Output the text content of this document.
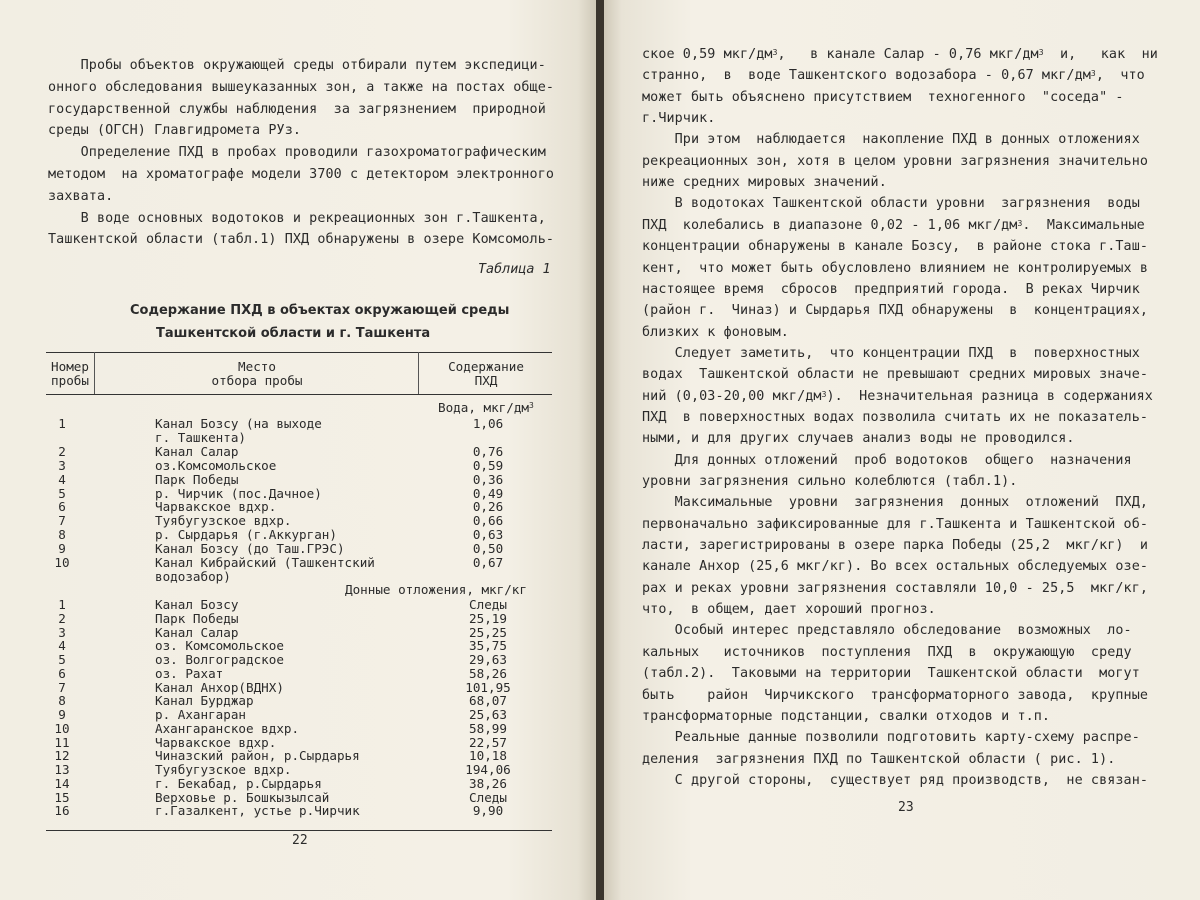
Пробы объектов окружающей среды отбирали путем экспедици-
онного обследования вышеуказанных зон, а также на постах обще-
государственной службы наблюдения  за загрязнением  природной
среды (ОГСН) Главгидромета РУз.
Определение ПХД в пробах проводили газохроматографическим
методом  на хроматографе модели 3700 с детектором электронного
захвата.
В воде основных водотоков и рекреационных зон г.Ташкента,
Ташкентской области (табл.1) ПХД обнаружены в озере Комсомоль-
Таблица 1
Содержание ПХД в объектах окружающей среды
Ташкентской области и г. Ташкента
Номер
пробы
Место
отбора пробы
Содержание
ПХД
Вода, мкг/$дм^3$
1	Канал Бозсу (на выходе	1,06
г. Ташкента)
2	Канал Салар	0,76
3	оз.Комсомольское	0,59
4	Парк Победы	0,36
5	р. Чирчик (пос.Дачное)	0,49
6	Чарвакское вдхр.	0,26
7	Туябугузское вдхр.	0,66
8	р. Сырдарья (г.Аккурган)	0,63
9	Канал Бозсу (до Таш.ГРЭС)	0,50
10	Канал Кибрайский (Ташкентский	0,67
водозабор)
Донные отложения, мкг/кг
1	Канал Бозсу	Следы
2	Парк Победы	25,19
3	Канал Салар	25,25
4	оз. Комсомольское	35,75
5	оз. Волгоградское	29,63
6	оз. Рахат	58,26
7	Канал Анхор(ВДНХ)	101,95
8	Канал Бурджар	68,07
9	р. Ахангаран	25,63
10	Ахангаранское вдхр.	58,99
11	Чарвакское вдхр.	22,57
12	Чиназский район, р.Сырдарья	10,18
13	Туябугузское вдхр.	194,06
14	г. Бекабад, р.Сырдарья	38,26
15	Верховье р. Бошкызылсай	Следы
16	г.Газалкент, устье р.Чирчик	9,90
22
ское 0,59 мкг/$дм^3$,   в канале Салар - 0,76 мкг/$дм^3$  и,   как  ни
странно,  в  воде Ташкентского водозабора - 0,67 мкг/$дм^3$,  что
может быть объяснено присутствием  техногенного  "соседа" -
г.Чирчик.
При этом  наблюдается  накопление ПХД в донных отложениях
рекреационных зон, хотя в целом уровни загрязнения значительно
ниже средних мировых значений.
В водотоках Ташкентской области уровни  загрязнения  воды
ПХД  колебались в диапазоне 0,02 - 1,06 мкг/$дм^3$.  Максимальные
концентрации обнаружены в канале Бозсу,  в районе стока г.Таш-
кент,  что может быть обусловлено влиянием не контролируемых в
настоящее время  сбросов  предприятий города.  В реках Чирчик
(район г.  Чиназ) и Сырдарья ПХД обнаружены  в  концентрациях,
близких к фоновым.
Следует заметить,  что концентрации ПХД  в  поверхностных
водах  Ташкентской области не превышают средних мировых значе-
ний (0,03-20,00 мкг/$дм^3$).  Незначительная разница в содержаниях
ПХД  в поверхностных водах позволила считать их не показатель-
ными, и для других случаев анализ воды не проводился.
Для донных отложений  проб водотоков  общего  назначения
уровни загрязнения сильно колеблются (табл.1).
Максимальные  уровни  загрязнения  донных  отложений  ПХД,
первоначально зафиксированные для г.Ташкента и Ташкентской об-
ласти, зарегистрированы в озере парка Победы (25,2  мкг/кг)  и
канале Анхор (25,6 мкг/кг). Во всех остальных обследуемых озе-
рах и реках уровни загрязнения составляли 10,0 - 25,5  мкг/кг,
что,  в общем, дает хороший прогноз.
Особый интерес представляло обследование  возможных  ло-
кальных   источников  поступления  ПХД  в  окружающую  среду
(табл.2).  Таковыми на территории  Ташкентской области  могут
быть    район  Чирчикского  трансформаторного завода,  крупные
трансформаторные подстанции, свалки отходов и т.п.
Реальные данные позволили подготовить карту-схему распре-
деления  загрязнения ПХД по Ташкентской области ( рис. 1).
С другой стороны,  существует ряд производств,  не связан-
23
